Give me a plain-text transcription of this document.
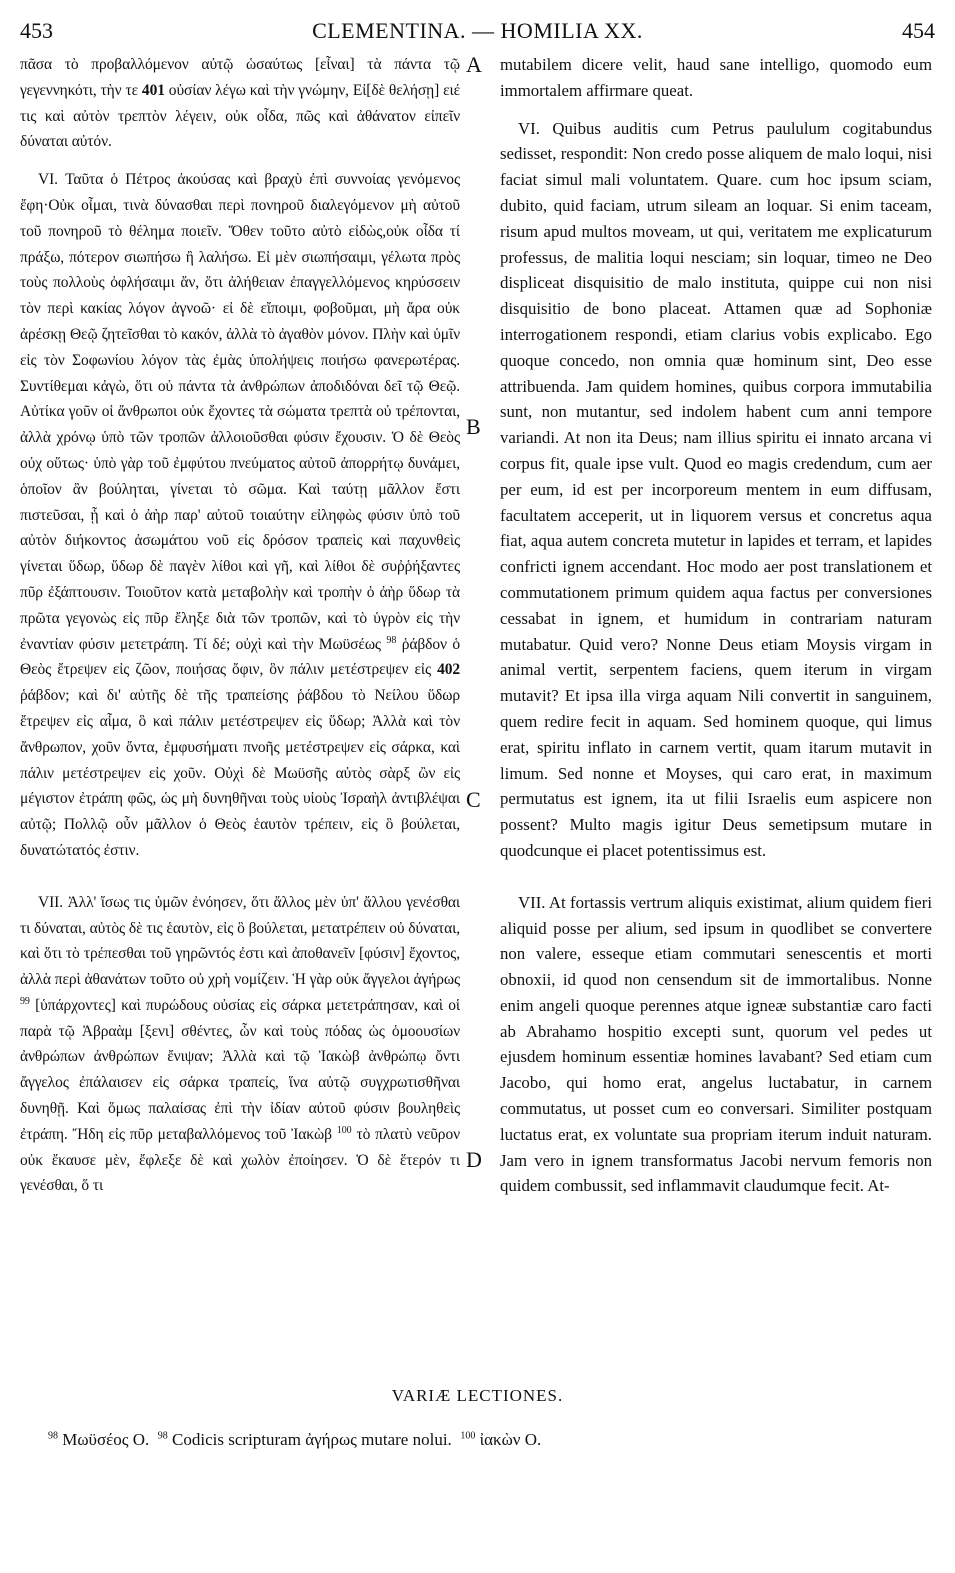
453	CLEMENTINA. — HOMILIA XX.	454

πᾶσα τὸ προβαλλόμενον αὐτῷ ὡσαύτως [εἶναι] τὰ πάντα τῷ γεγεννηκότι, τὴν τε 401 οὐσίαν λέγω καὶ τὴν γνώμην, Εἰ[δὲ θελήσῃ] ειέ τις καὶ αὐτὸν τρεπτὸν λέγειν, οὐκ οἶδα, πῶς καὶ ἀθάνατον εἰπεῖν δύναται αὐτόν.

VI. Ταῦτα ὁ Πέτρος ἀκούσας καὶ βραχὺ ἐπὶ συννοίας γενόμενος ἔφη·Οὐκ οἶμαι, τινὰ δύνασθαι περὶ πονηροῦ διαλεγόμενον μὴ αὐτοῦ τοῦ πονηροῦ τὸ θέλημα ποιεῖν. Ὅθεν τοῦτο αὐτὸ εἰδὼς,οὐκ οἶδα τί πράξω, πότερον σιωπήσω ἢ λαλήσω. Εἰ μὲν σιωπήσαιμι, γέλωτα πρὸς τοὺς πολλοὺς ὀφλήσαιμι ἄν, ὅτι ἀλήθειαν ἐπαγγελλόμενος κηρύσσειν τὸν περὶ κακίας λόγον ἀγνοῶ· εἰ δὲ εἴποιμι, φοβοῦμαι, μὴ ἄρα οὐκ ἀρέσκῃ Θεῷ ζητεῖσθαι τὸ κακόν, ἀλλὰ τὸ ἀγαθὸν μόνον. Πλὴν καὶ ὑμῖν εἰς τὸν Σοφωνίου λόγον τὰς ἐμὰς ὑπολήψεις ποιήσω φανερωτέρας. Συντίθεμαι κἀγὼ, ὅτι οὐ πάντα τὰ ἀνθρώπων ἀποδιδόναι δεῖ τῷ Θεῷ. Αὐτίκα γοῦν οἱ ἄνθρωποι οὐκ ἔχοντες τὰ σώματα τρεπτὰ οὐ τρέπονται, ἀλλὰ χρόνῳ ὑπὸ τῶν τροπῶν ἀλλοιοῦσθαι φύσιν ἔχουσιν. Ὁ δὲ Θεὸς οὐχ οὕτως· ὑπὸ γὰρ τοῦ ἐμφύτου πνεύματος αὐτοῦ ἀπορρήτῳ δυνάμει, ὁποῖον ἂν βούληται, γίνεται τὸ σῶμα. Καὶ ταύτῃ μᾶλλον ἔστι πιστεῦσαι, ᾗ καὶ ὁ ἀὴρ παρ' αὐτοῦ τοιαύτην εἰληφὼς φύσιν ὑπὸ τοῦ αὐτὸν διήκοντος ἀσωμάτου νοῦ εἰς δρόσον τραπεὶς καὶ παχυνθεὶς γίνεται ὕδωρ, ὕδωρ δὲ παγὲν λίθοι καὶ γῆ, καὶ λίθοι δὲ συῤῥήξαντες πῦρ ἐξάπτουσιν. Τοιοῦτον κατὰ μεταβολὴν καὶ τροπὴν ὁ ἀὴρ ὕδωρ τὰ πρῶτα γεγονὼς εἰς πῦρ ἔληξε διὰ τῶν τροπῶν, καὶ τὸ ὑγρὸν εἰς τὴν ἐναντίαν φύσιν μετετράπη. Τί δέ; οὐχὶ καὶ τὴν Μωϋσέως $^{98}$ ῥάβδον ὁ Θεὸς ἔτρεψεν εἰς ζῶον, ποιήσας ὄφιν, ὃν πάλιν μετέστρεψεν εἰς 402 ῥάβδον; καὶ δι' αὐτῆς δὲ τῆς τραπείσης ῥάβδου τὸ Νείλου ὕδωρ ἔτρεψεν εἰς αἷμα, ὃ καὶ πάλιν μετέστρεψεν εἰς ὕδωρ; Ἀλλὰ καὶ τὸν ἄνθρωπον, χοῦν ὄντα, ἐμφυσήματι πνοῆς μετέστρεψεν εἰς σάρκα, καὶ πάλιν μετέστρεψεν εἰς χοῦν. Οὐχὶ δὲ Μωϋσῆς αὐτὸς σὰρξ ὢν εἰς μέγιστον ἐτράπη φῶς, ὡς μὴ δυνηθῆναι τοὺς υἱοὺς Ἰσραὴλ ἀντιβλέψαι αὐτῷ; Πολλῷ οὖν μᾶλλον ὁ Θεὸς ἑαυτὸν τρέπειν, εἰς ὃ βούλεται, δυνατώτατός ἐστιν.

VII. Ἀλλ' ἴσως τις ὑμῶν ἐνόησεν, ὅτι ἄλλος μὲν ὑπ' ἄλλου γενέσθαι τι δύναται, αὐτὸς δὲ τις ἑαυτὸν, εἰς ὃ βούλεται, μετατρέπειν οὐ δύναται, καὶ ὅτι τὸ τρέπεσθαι τοῦ γηρῶντός ἐστι καὶ ἀποθανεῖν [φύσιν] ἔχοντος, ἀλλὰ περὶ ἀθανάτων τοῦτο οὐ χρὴ νομίζειν. Ἡ γὰρ οὐκ ἄγγελοι ἀγήρως $^{99}$ [ὑπάρχοντες] καὶ πυρώδους οὐσίας εἰς σάρκα μετετράπησαν, καὶ οἱ παρὰ τῷ Ἀβραὰμ [ξενι] σθέντες, ὧν καὶ τοὺς πόδας ὡς ὁμοουσίων ἀνθρώπων ἀνθρώπων ἔνιψαν; Ἀλλὰ καὶ τῷ Ἰακὼβ ἀνθρώπῳ ὄντι ἄγγελος ἐπάλαισεν εἰς σάρκα τραπείς, ἵνα αὐτῷ συγχρωτισθῆναι δυνηθῇ. Καὶ ὅμως παλαίσας ἐπὶ τὴν ἰδίαν αὐτοῦ φύσιν βουληθεὶς ἐτράπη. Ἤδη εἰς πῦρ μεταβαλλόμενος τοῦ Ἰακὼβ $^{100}$ τὸ πλατὺ νεῦρον οὐκ ἔκαυσε μὲν, ἔφλεξε δὲ καὶ χωλὸν ἐποίησεν. Ὁ δὲ ἕτερόν τι γενέσθαι, ὅ τι

A
B
C
D

mutabilem dicere velit, haud sane intelligo, quomodo eum immortalem affirmare queat.

VI. Quibus auditis cum Petrus paululum cogitabundus sedisset, respondit: Non credo posse aliquem de malo loqui, nisi faciat simul mali voluntatem. Quare. cum hoc ipsum sciam, dubito, quid faciam, utrum sileam an loquar. Si enim taceam, risum apud multos moveam, ut qui, veritatem me explicaturum professus, de malitia loqui nesciam; sin loquar, timeo ne Deo displiceat disquisitio de malo instituta, quippe cui non nisi disquisitio de bono placeat. Attamen quæ ad Sophoniæ interrogationem respondi, etiam clarius vobis explicabo. Ego quoque concedo, non omnia quæ hominum sint, Deo esse attribuenda. Jam quidem homines, quibus corpora immutabilia sunt, non mutantur, sed indolem habent cum anni tempore variandi. At non ita Deus; nam illius spiritu ei innato arcana vi corpus fit, quale ipse vult. Quod eo magis credendum, cum aer per eum, id est per incorporeum mentem in eum diffusam, facultatem acceperit, ut in liquorem versus et concretus aqua fiat, aqua autem concreta mutetur in lapides et terram, et lapides confricti ignem accendant. Hoc modo aer post translationem et commutationem primum quidem aqua factus per conversiones cessabat in ignem, et humidum in contrariam naturam mutabatur. Quid vero? Nonne Deus etiam Moysis virgam in animal vertit, serpentem faciens, quem iterum in virgam mutavit? Et ipsa illa virga aquam Nili convertit in sanguinem, quem redire fecit in aquam. Sed hominem quoque, qui limus erat, spiritu inflato in carnem vertit, quam itarum mutavit in limum. Sed nonne et Moyses, qui caro erat, in maximum permutatus est ignem, ita ut filii Israelis eum aspicere non possent? Multo magis igitur Deus semetipsum mutare in quodcunque ei placet potentissimus est.

VII. At fortassis vertrum aliquis existimat, alium quidem fieri aliquid posse per alium, sed ipsum in quodlibet se convertere non valere, esseque etiam commutari senescentis et morti obnoxii, id quod non censendum sit de immortalibus. Nonne enim angeli quoque perennes atque igneæ substantiæ caro facti ab Abrahamo hospitio excepti sunt, quorum vel pedes ut ejusdem hominum essentiæ homines lavabant? Sed etiam cum Jacobo, qui homo erat, angelus luctabatur, in carnem commutatus, ut posset cum eo conversari. Similiter postquam luctatus erat, ex voluntate sua propriam iterum induit naturam. Jam vero in ignem transformatus Jacobi nervum femoris non quidem combussit, sed inflammavit claudumque fecit. At-

VARIÆ LECTIONES.
$^{98}$ Μωϋσέος O. $^{98}$ Codicis scripturam ἀγήρως mutare nolui. $^{100}$ ἰακὼν O.
